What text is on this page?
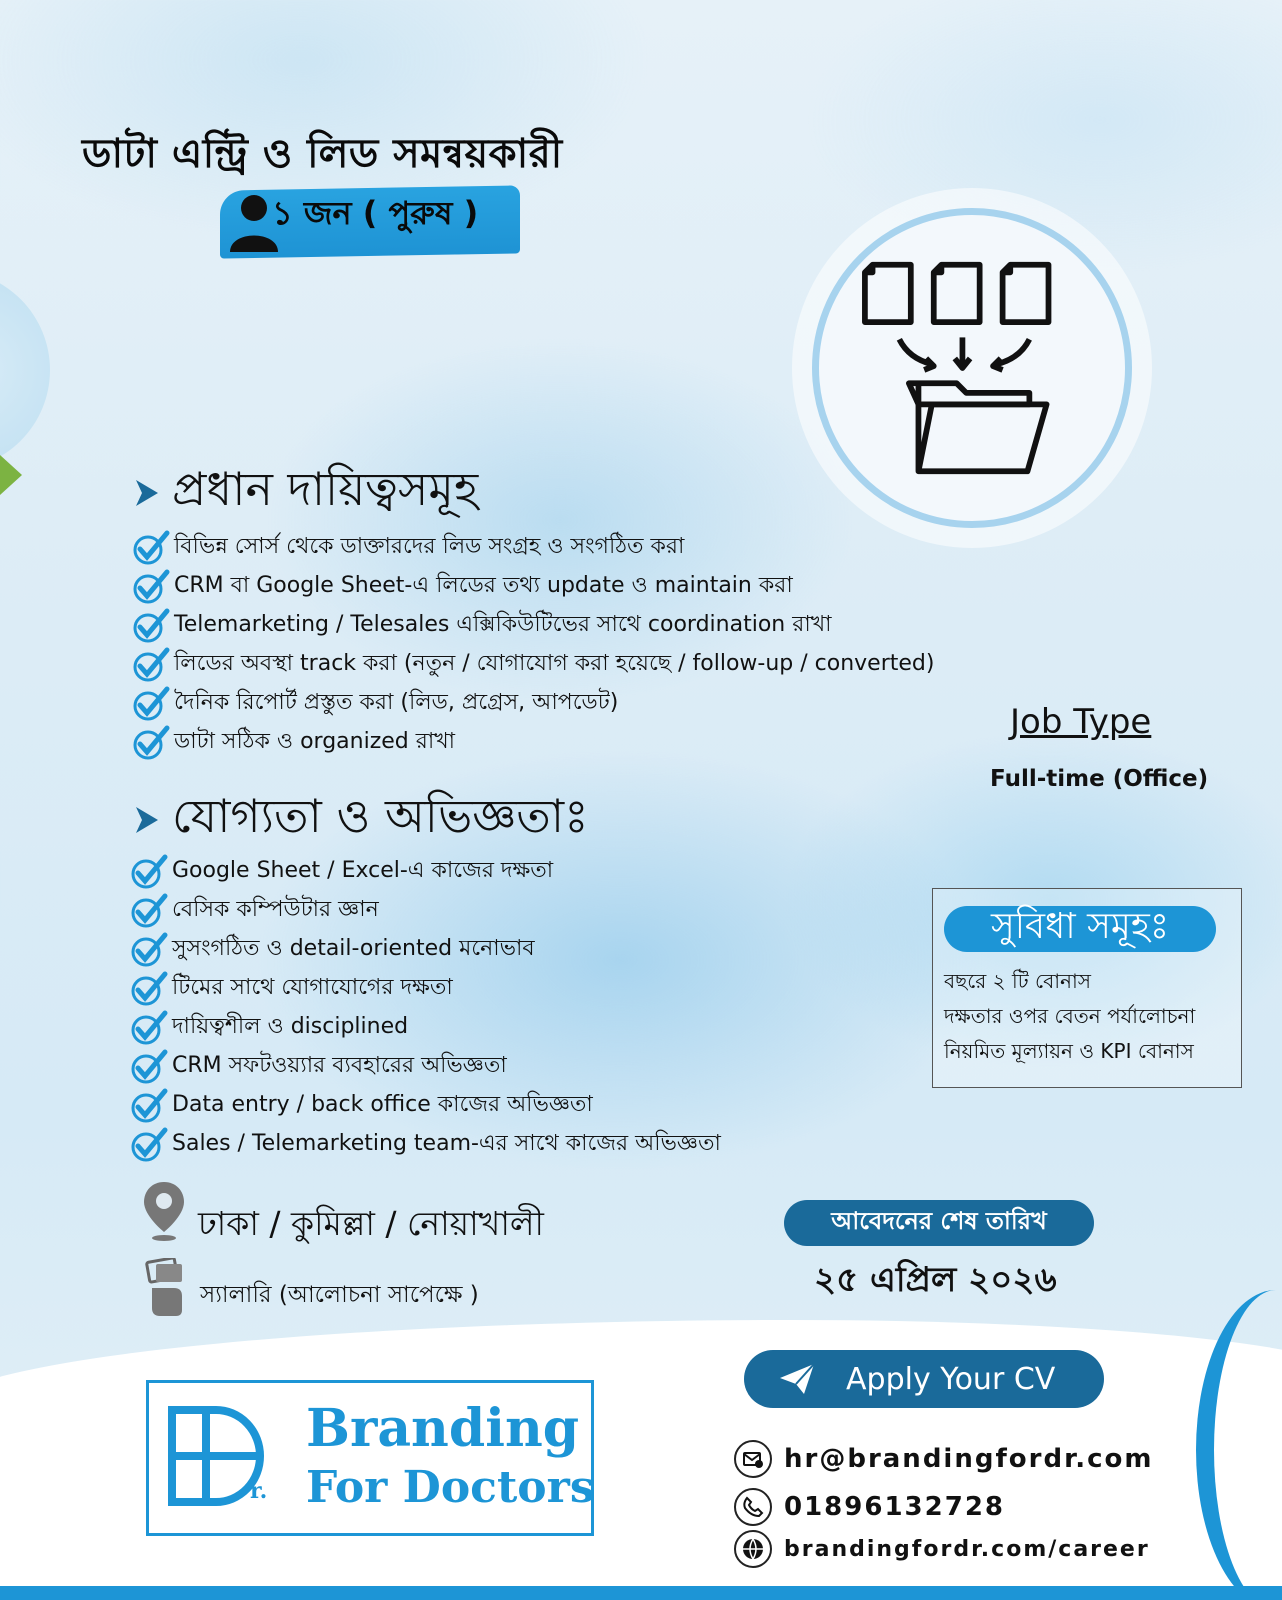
ডাটা এন্ট্রি ও লিড সমন্বয়কারী
১ জন ( পুরুষ )
প্রধান দায়িত্বসমূহ
বিভিন্ন সোর্স থেকে ডাক্তারদের লিড সংগ্রহ ও সংগঠিত করা
CRM বা Google Sheet-এ লিডের তথ্য update ও maintain করা
Telemarketing / Telesales এক্সিকিউটিভের সাথে coordination রাখা
লিডের অবস্থা track করা (নতুন / যোগাযোগ করা হয়েছে / follow-up / converted)
দৈনিক রিপোর্ট প্রস্তুত করা (লিড, প্রগ্রেস, আপডেট)
ডাটা সঠিক ও organized রাখা
যোগ্যতা ও অভিজ্ঞতাঃ
Google Sheet / Excel-এ কাজের দক্ষতা
বেসিক কম্পিউটার জ্ঞান
সুসংগঠিত ও detail-oriented মনোভাব
টিমের সাথে যোগাযোগের দক্ষতা
দায়িত্বশীল ও disciplined
CRM সফটওয়্যার ব্যবহারের অভিজ্ঞতা
Data entry / back office কাজের অভিজ্ঞতা
Sales / Telemarketing team-এর সাথে কাজের অভিজ্ঞতা
Job Type
Full-time (Office)
সুবিধা সমূহঃ
বছরে ২ টি বোনাস
দক্ষতার ওপর বেতন পর্যালোচনা
নিয়মিত মূল্যায়ন ও KPI বোনাস
ঢাকা / কুমিল্লা / নোয়াখালী
স্যালারি (আলোচনা সাপেক্ষে )
আবেদনের শেষ তারিখ
২৫ এপ্রিল ২০২৬
r.
Branding
For Doctors
Apply Your CV
hr@brandingfordr.com
01896132728
brandingfordr.com/career
